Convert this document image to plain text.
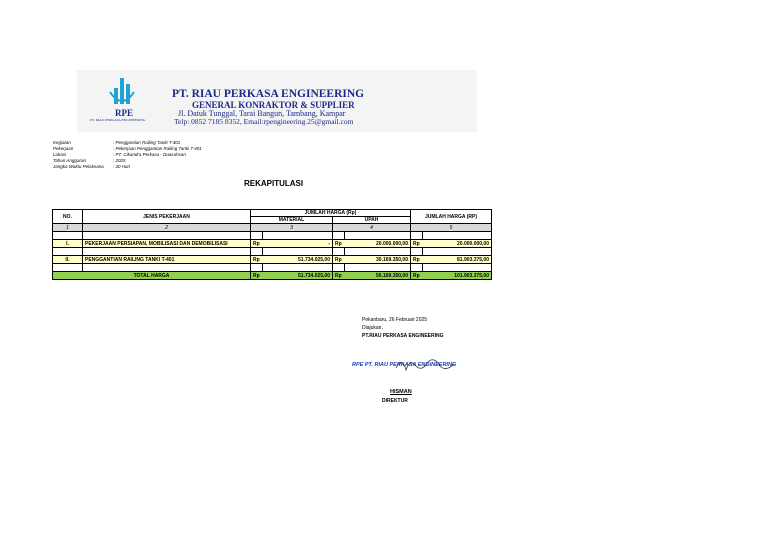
RPE
PT. RIAU PERKASA ENGINEERING
PT. RIAU PERKASA ENGINEERING
GENERAL KONRAKTOR & SUPPLIER
Jl. Datuk Tunggal, Tarai Bangun, Tambang, Kampar
Telp: 0852 7185 8352, Email:rpengineering.25@gmail.com
Kegiatan	: Penggantian Railing Tanki T-401
Pekerjaan	: Pekerjaan Penggantian Railing Tanki T-401
Lokasi	: PT. Cikandra Perkasa - Duwrahsan
Tahun Anggaran	: 2025
Jangka Waktu Pelaksana	: 30 Hari
REKAPITULASI
NO.	JENIS PEKERJAAN	JUMLAH HARGA (Rp)				JUMLAH HARGA (RP)	
		MATERIAL		UPAH			
1	2	3		4		5	

I.	PEKERJAAN PERSIAPAN, MOBILISASI DAN DEMOBILISASI	Rp	-	Rp	20.000.000,00	Rp	20.000.000,00

II.	PENGGANTIAN RAILING TANKI T-401	Rp	51.734.025,00	Rp	30.169.350,00	Rp	81.903.375,00

TOTAL HARGA		Rp	51.734.025,00	Rp	50.169.350,00	Rp	101.903.375,00
Pekanbaru, 26 Februari 2025
Diajukan,
PT.RIAU PERKASA ENGINEERING
RPE PT. RIAU PERKASA ENGINEERING
HISMAN
DIREKTUR
